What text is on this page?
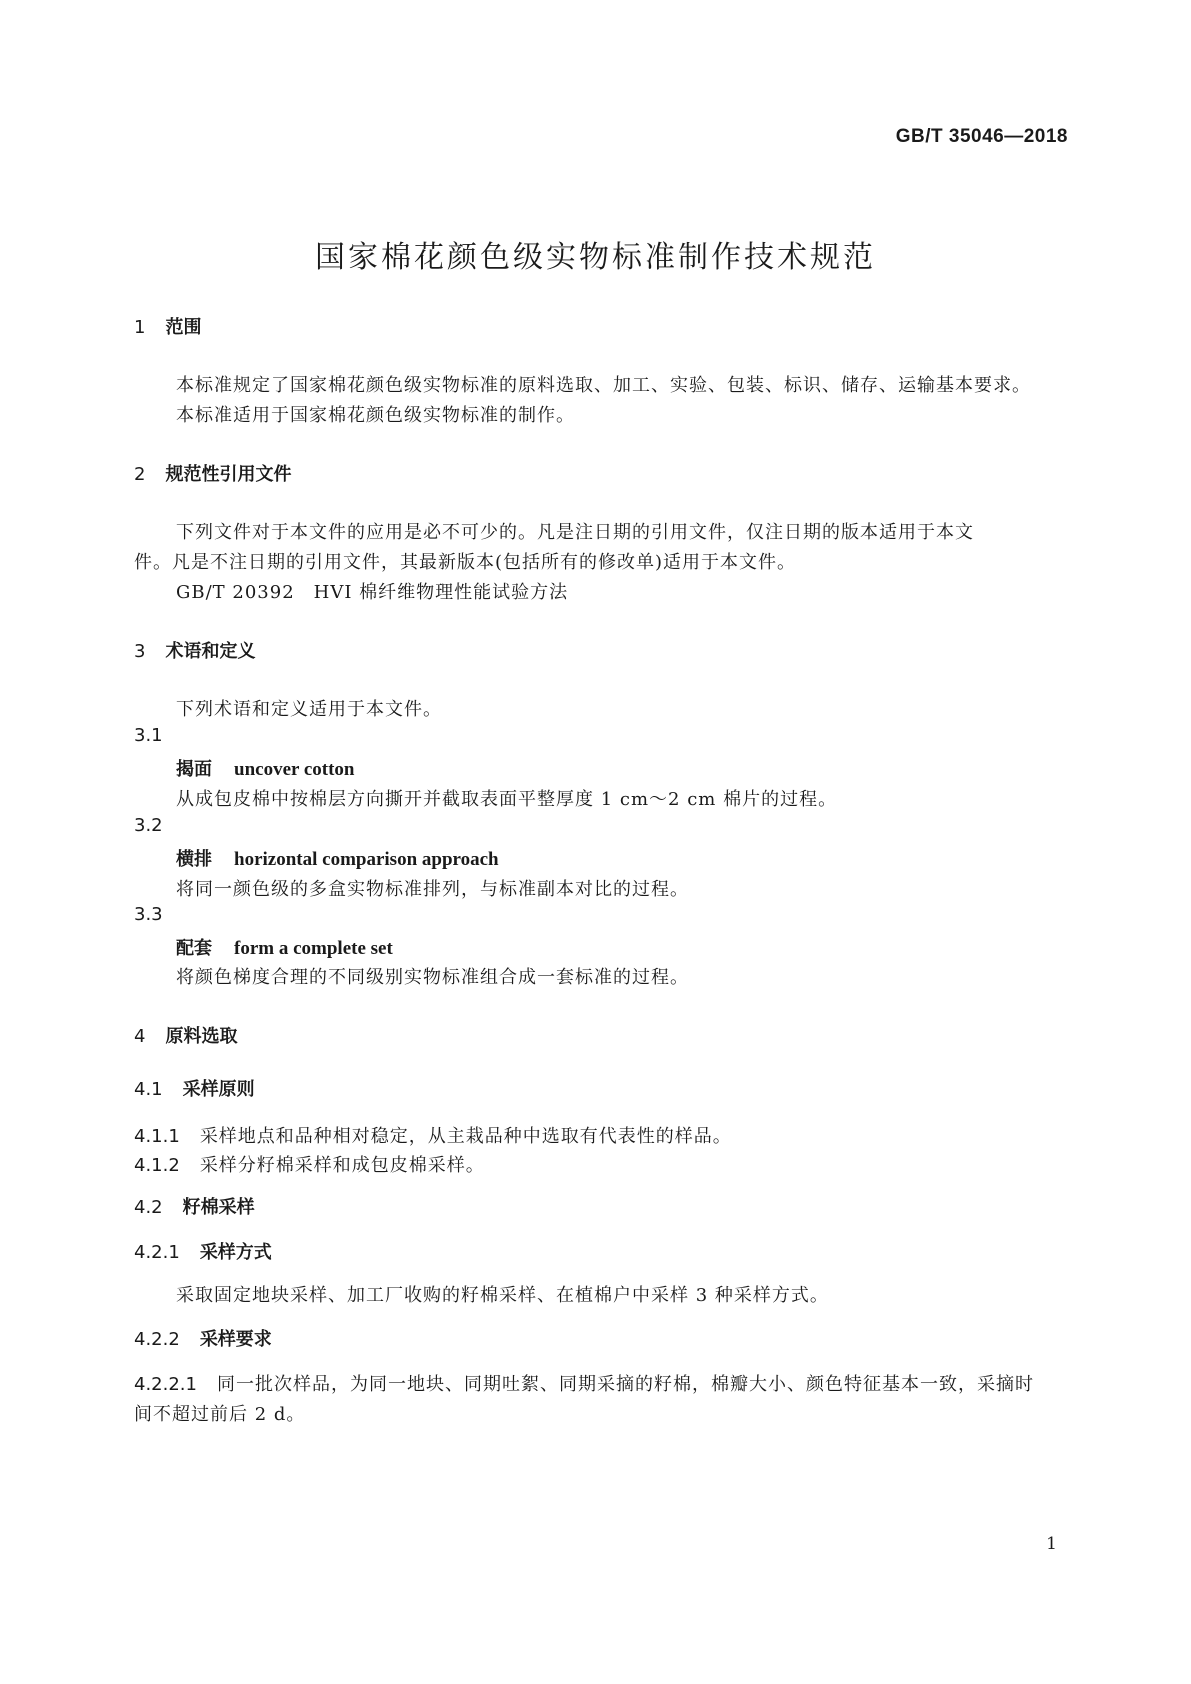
GB/T 35046—2018
国家棉花颜色级实物标准制作技术规范
1 范围
本标准规定了国家棉花颜色级实物标准的原料选取、加工、实验、包装、标识、储存、运输基本要求。
本标准适用于国家棉花颜色级实物标准的制作。
2 规范性引用文件
下列文件对于本文件的应用是必不可少的。凡是注日期的引用文件，仅注日期的版本适用于本文
件。凡是不注日期的引用文件，其最新版本(包括所有的修改单)适用于本文件。
GB/T 20392　HVI 棉纤维物理性能试验方法
3 术语和定义
下列术语和定义适用于本文件。
3.1
揭面 uncover cotton
从成包皮棉中按棉层方向撕开并截取表面平整厚度 1 cm～2 cm 棉片的过程。
3.2
横排 horizontal comparison approach
将同一颜色级的多盒实物标准排列，与标准副本对比的过程。
3.3
配套 form a complete set
将颜色梯度合理的不同级别实物标准组合成一套标准的过程。
4 原料选取
4.1 采样原则
4.1.1 采样地点和品种相对稳定，从主栽品种中选取有代表性的样品。
4.1.2 采样分籽棉采样和成包皮棉采样。
4.2 籽棉采样
4.2.1 采样方式
采取固定地块采样、加工厂收购的籽棉采样、在植棉户中采样 3 种采样方式。
4.2.2 采样要求
4.2.2.1 同一批次样品，为同一地块、同期吐絮、同期采摘的籽棉，棉瓣大小、颜色特征基本一致，采摘时
间不超过前后 2 d。
1
